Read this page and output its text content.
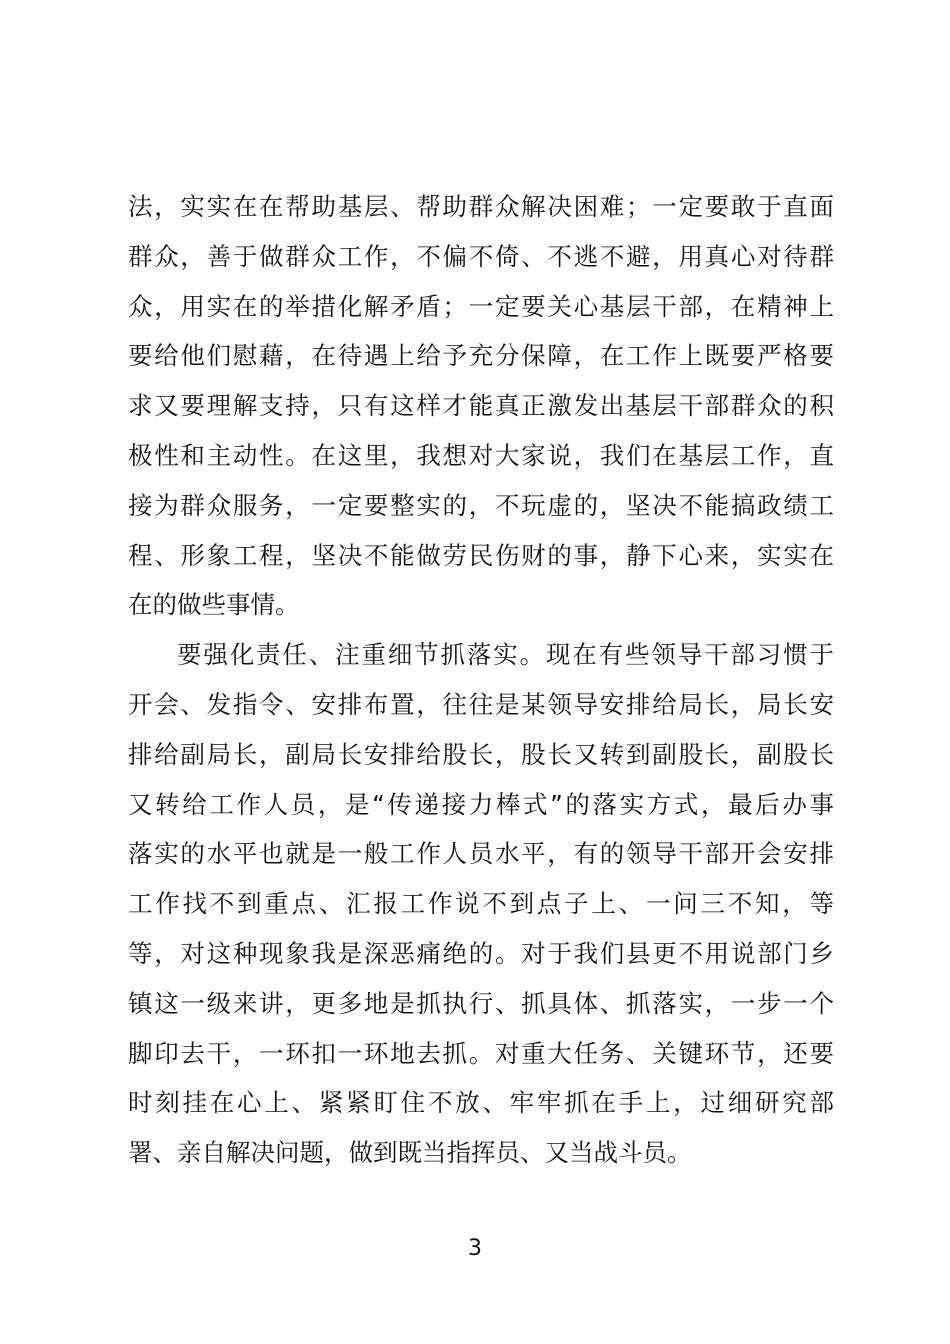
法，实实在在帮助基层、帮助群众解决困难；一定要敢于直面
群众，善于做群众工作，不偏不倚、不逃不避，用真心对待群
众，用实在的举措化解矛盾；一定要关心基层干部，在精神上
要给他们慰藉，在待遇上给予充分保障，在工作上既要严格要
求又要理解支持，只有这样才能真正激发出基层干部群众的积
极性和主动性。在这里，我想对大家说，我们在基层工作，直
接为群众服务，一定要整实的，不玩虚的，坚决不能搞政绩工
程、形象工程，坚决不能做劳民伤财的事，静下心来，实实在
在的做些事情。
要强化责任、注重细节抓落实。现在有些领导干部习惯于
开会、发指令、安排布置，往往是某领导安排给局长，局长安
排给副局长，副局长安排给股长，股长又转到副股长，副股长
又转给工作人员，是“传递接力棒式”的落实方式，最后办事
落实的水平也就是一般工作人员水平，有的领导干部开会安排
工作找不到重点、汇报工作说不到点子上、一问三不知，等
等，对这种现象我是深恶痛绝的。对于我们县更不用说部门乡
镇这一级来讲，更多地是抓执行、抓具体、抓落实，一步一个
脚印去干，一环扣一环地去抓。对重大任务、关键环节，还要
时刻挂在心上、紧紧盯住不放、牢牢抓在手上，过细研究部
署、亲自解决问题，做到既当指挥员、又当战斗员。
3
